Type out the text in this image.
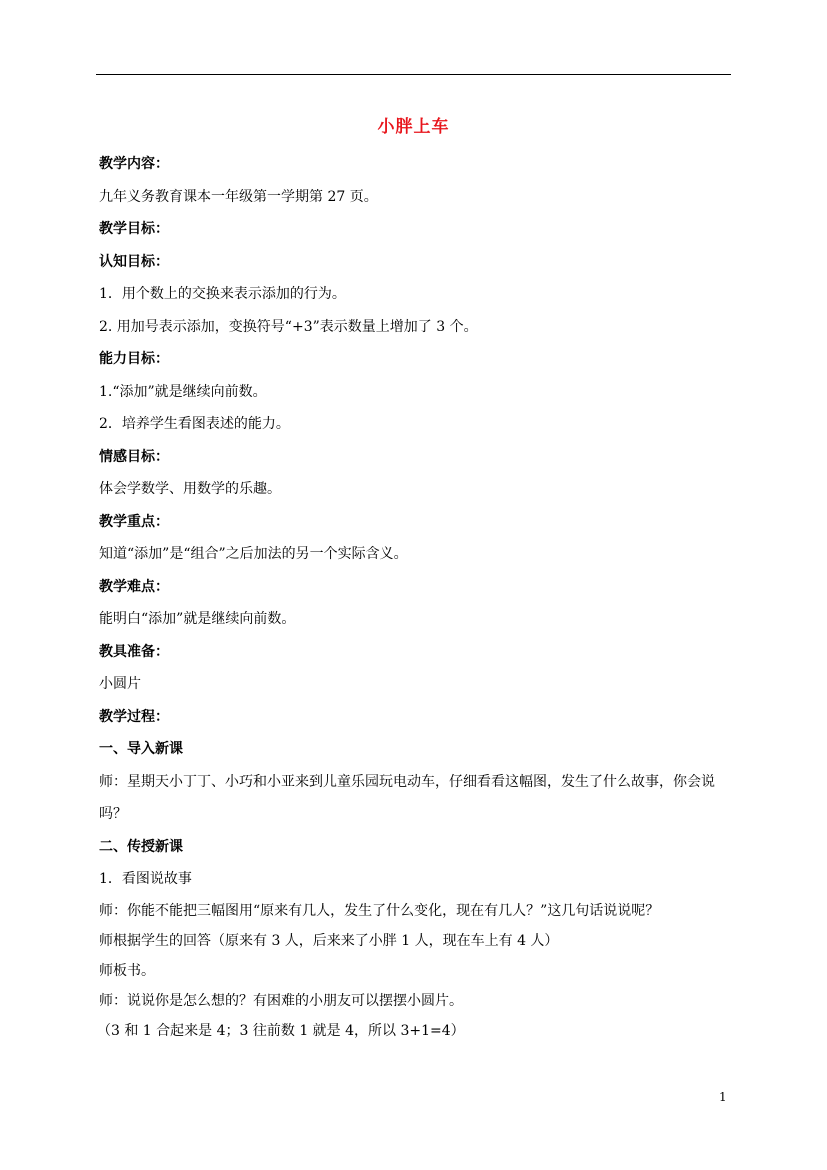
小胖上车
教学内容：
九年义务教育课本一年级第一学期第 27 页。
教学目标：
认知目标：
1．用个数上的交换来表示添加的行为。
2. 用加号表示添加，变换符号“+3”表示数量上增加了 3 个。
能力目标：
1.“添加”就是继续向前数。
2．培养学生看图表述的能力。
情感目标：
体会学数学、用数学的乐趣。
教学重点：
知道“添加”是“组合”之后加法的另一个实际含义。
教学难点：
能明白“添加”就是继续向前数。
教具准备：
小圆片
教学过程：
一、导入新课
师：星期天小丁丁、小巧和小亚来到儿童乐园玩电动车，仔细看看这幅图，发生了什么故事，你会说吗？
二、传授新课
1．看图说故事
师：你能不能把三幅图用“原来有几人，发生了什么变化，现在有几人？”这几句话说说呢？
师根据学生的回答（原来有 3 人，后来来了小胖 1 人，现在车上有 4 人）
师板书。
师：说说你是怎么想的？有困难的小朋友可以摆摆小圆片。
（3 和 1 合起来是 4；3 往前数 1 就是 4，所以 3+1=4）
1
